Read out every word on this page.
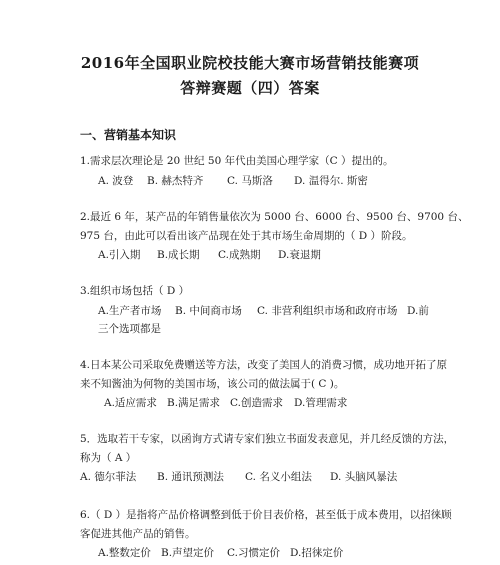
2016年全国职业院校技能大赛市场营销技能赛项
答辩赛题（四）答案
一、营销基本知识
1.需求层次理论是 20 世纪 50 年代由美国心理学家（C ）提出的。
A. 波登 B. 赫杰特齐 C. 马斯洛 D. 温得尔. 斯密
2.最近 6 年，某产品的年销售量依次为 5000 台、6000 台、9500 台、9700 台、
975 台，由此可以看出该产品现在处于其市场生命周期的（ D ）阶段。
A.引入期 B.成长期 C.成熟期 D.衰退期
3.组织市场包括（ D ）
A.生产者市场 B. 中间商市场 C. 非营利组织市场和政府市场 D.前
三个选项都是
4.日本某公司采取免费赠送等方法，改变了美国人的消费习惯，成功地开拓了原
来不知酱油为何物的美国市场，该公司的做法属于( C )。
A.适应需求 B.满足需求 C.创造需求 D.管理需求
5．选取若干专家，以函询方式请专家们独立书面发表意见，并几经反馈的方法，
称为（ A ）
A. 德尔菲法 B. 通讯预测法 C. 名义小组法 D. 头脑风暴法
6.（ D ）是指将产品价格调整到低于价目表价格，甚至低于成本费用，以招徕顾
客促进其他产品的销售。
A.整数定价 B.声望定价 C.习惯定价 D.招徕定价
